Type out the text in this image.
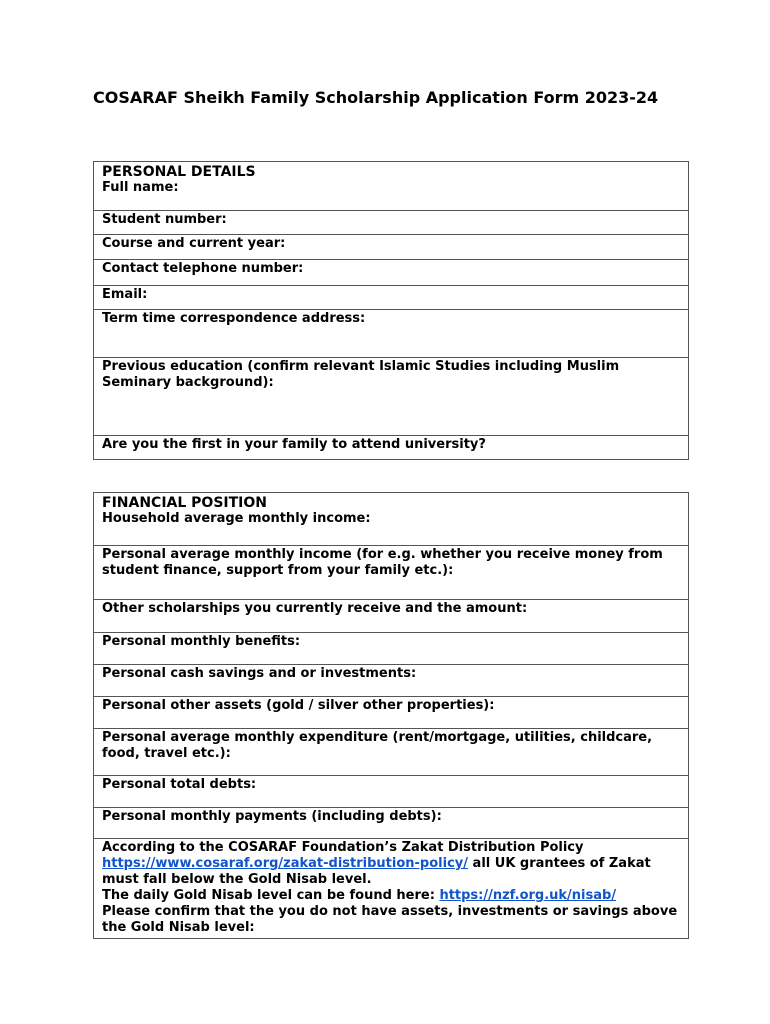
COSARAF Sheikh Family Scholarship Application Form 2023-24
PERSONAL DETAILS
Full name:

Student number:

Course and current year:

Contact telephone number:

Email:

Term time correspondence address:

Previous education (confirm relevant Islamic Studies including Muslim Seminary background):

Are you the first in your family to attend university?
FINANCIAL POSITION
Household average monthly income:

Personal average monthly income (for e.g. whether you receive money from student finance, support from your family etc.):

Other scholarships you currently receive and the amount:

Personal monthly benefits:

Personal cash savings and or investments:

Personal other assets (gold / silver other properties):

Personal average monthly expenditure (rent/mortgage, utilities, childcare, food, travel etc.):

Personal total debts:

Personal monthly payments (including debts):

According to the COSARAF Foundation’s Zakat Distribution Policy https://www.cosaraf.org/zakat-distribution-policy/ all UK grantees of Zakat must fall below the Gold Nisab level.
The daily Gold Nisab level can be found here: https://nzf.org.uk/nisab/
Please confirm that the you do not have assets, investments or savings above the Gold Nisab level:
